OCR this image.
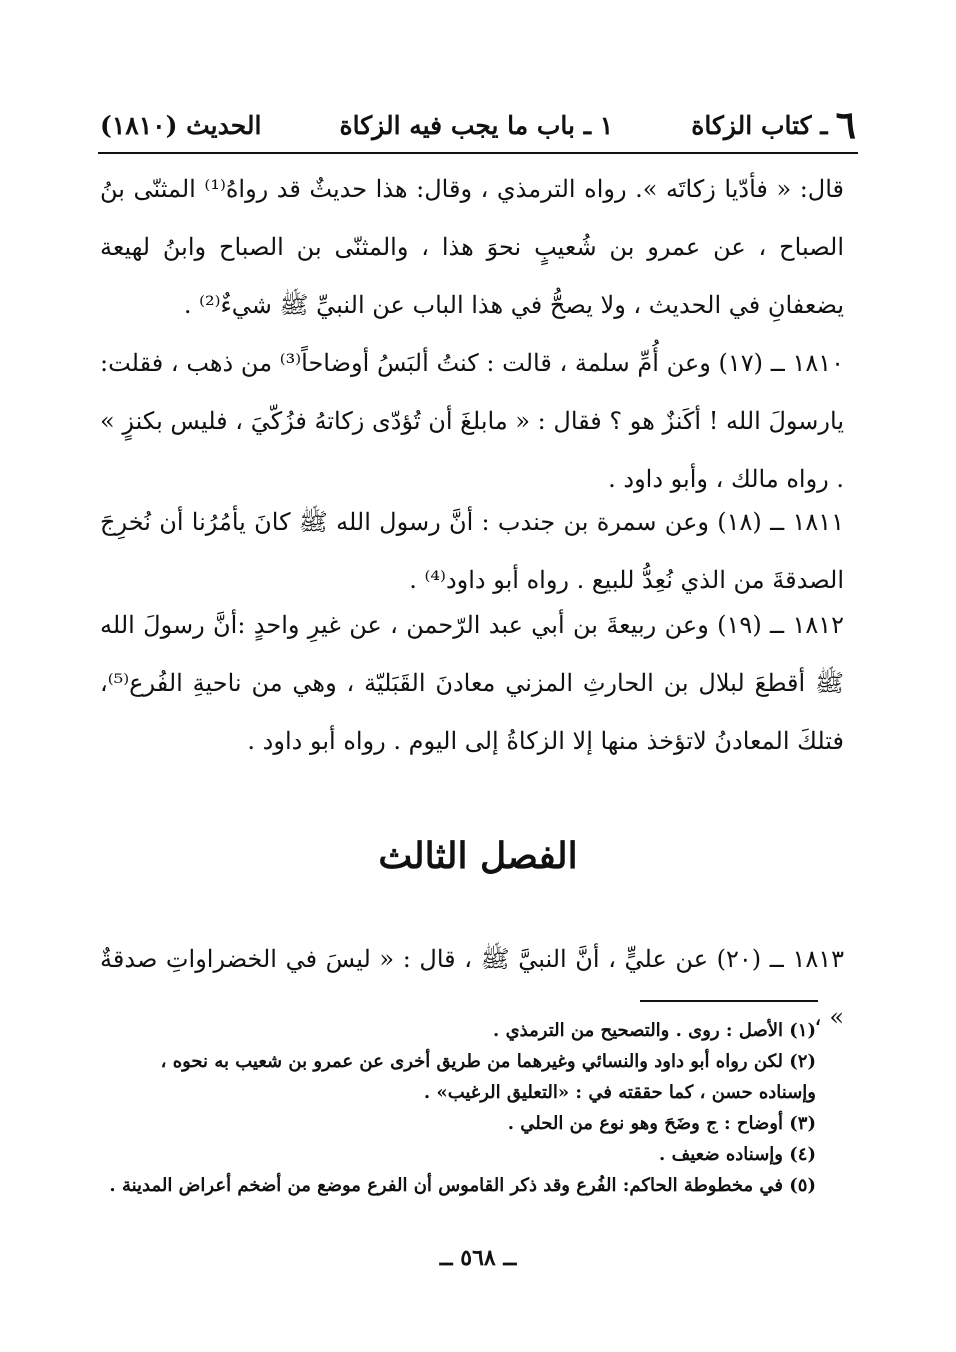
٦
ـ كتاب الزكاة
١ ـ باب ما يجب فيه الزكاة
الحديث (١٨١٠)

قال: « فأدّيا زكاتَه ». رواه الترمذي ، وقال: هذا حديثٌ قد رواهُ⁽¹⁾ المثنّى بنُ الصباح ، عن عمرو بن شُعيبٍ نحوَ هذا ، والمثنّى بن الصباح وابنُ لهيعة يضعفانِ في الحديث ، ولا يصحُّ في هذا الباب عن النبيِّ ﷺ شيءٌ⁽²⁾ .

١٨١٠ ــ (١٧) وعن أُمِّ سلمة ، قالت : كنتُ ألبَسُ أوضاحاً⁽³⁾ من ذهب ، فقلت: يارسولَ الله ! أكَنزٌ هو ؟ فقال : « مابلغَ أن تُؤدّى زكاتهُ فزُكّيَ ، فليس بكنزٍ » . رواه مالك ، وأبو داود .

١٨١١ ــ (١٨) وعن سمرة بن جندب : أنَّ رسول الله ﷺ كانَ يأمُرُنا أن نُخرِجَ الصدقةَ من الذي نُعِدُّ للبيع . رواه أبو داود⁽⁴⁾ .

١٨١٢ ــ (١٩) وعن ربيعةَ بن أبي عبد الرّحمن ، عن غيرِ واحدٍ :أنَّ رسولَ الله ﷺ أقطعَ لبلال بن الحارثِ المزني معادنَ القَبَليّة ، وهي من ناحيةِ الفُرع⁽⁵⁾، فتلكَ المعادنُ لاتؤخذ منها إلا الزكاةُ إلى اليوم . رواه أبو داود .

الفصل الثالث

١٨١٣ ــ (٢٠) عن عليٍّ ، أنَّ النبيَّ ﷺ ، قال : « ليسَ في الخضراواتِ صدقةٌ » ،

(١) الأصل : روى . والتصحيح من الترمذي .

(٢) لكن رواه أبو داود والنسائي وغيرهما من طريق أخرى عن عمرو بن شعيب به نحوه ، وإسناده حسن ، كما حققته في : «التعليق الرغيب» .

(٣) أوضاح : ج وضَحَ وهو نوع من الحلي .

(٤) وإسناده ضعيف .

(٥) في مخطوطة الحاكم: الفُرع وقد ذكر القاموس أن الفرع موضع من أضخم أعراض المدينة .

ــ ٥٦٨ ــ
